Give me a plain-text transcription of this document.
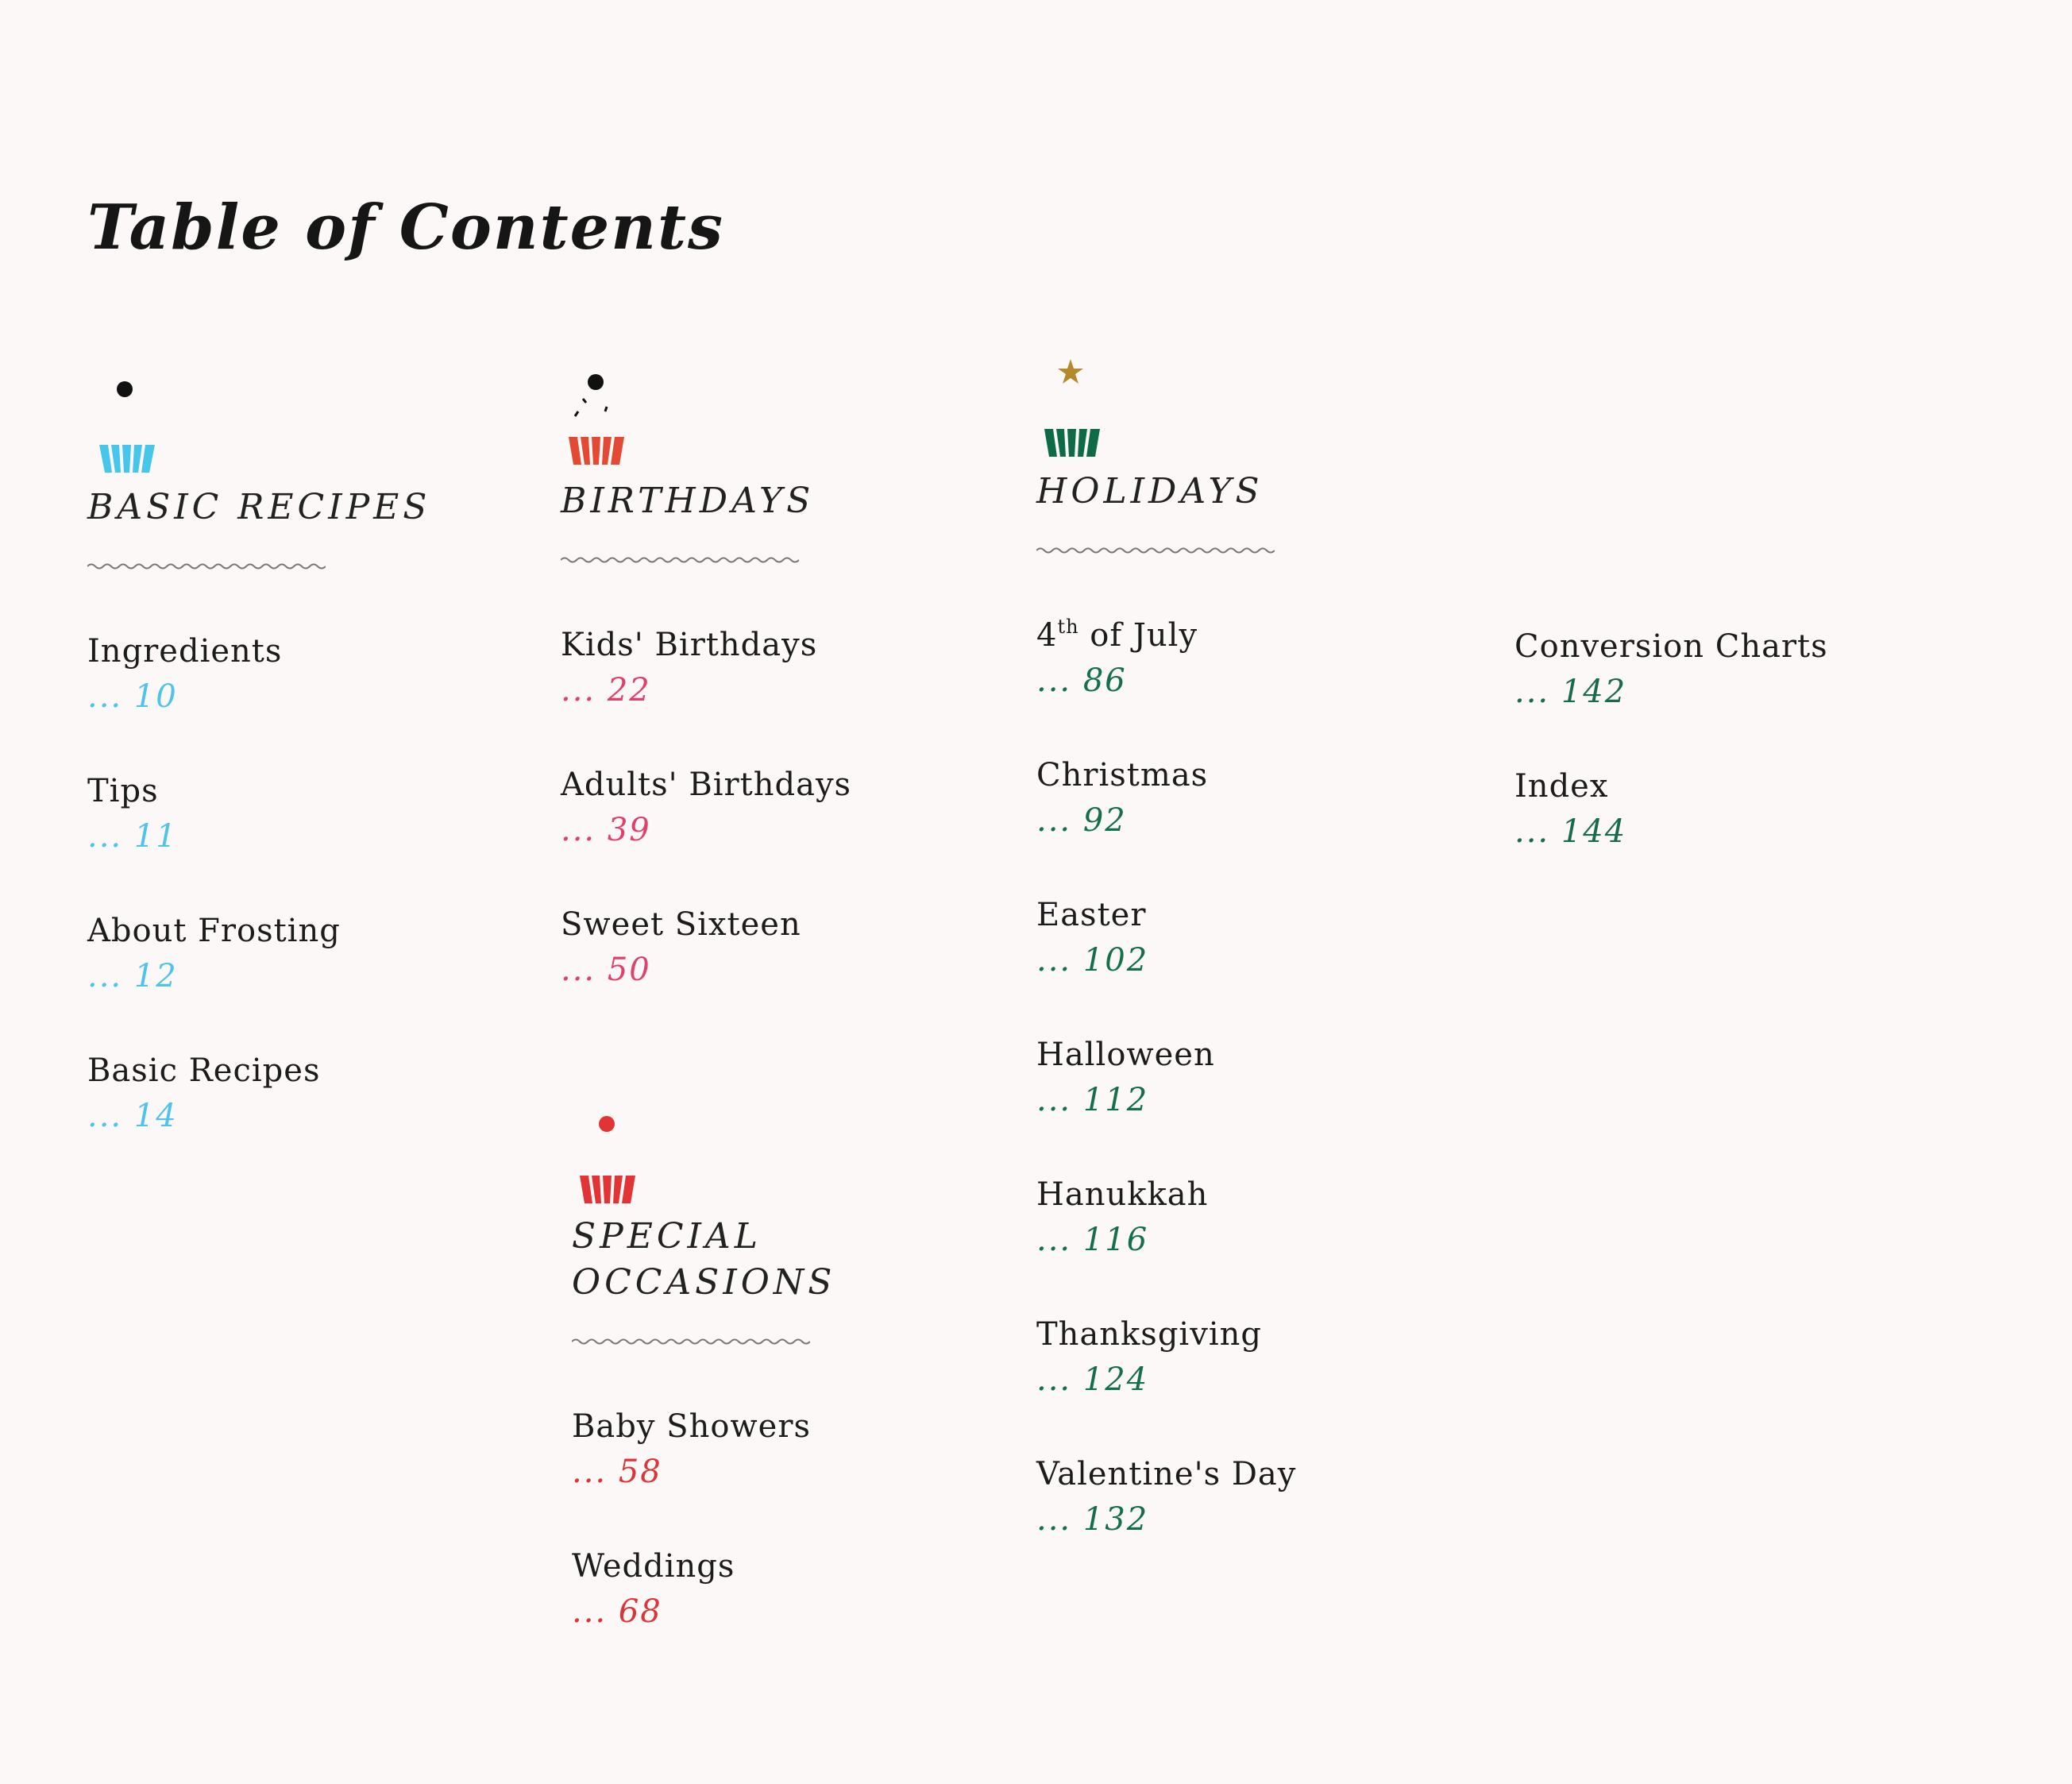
Table of Contents
BASIC RECIPES
Ingredients
... 10
Tips
... 11
About Frosting
... 12
Basic Recipes
... 14
BIRTHDAYS
Kids' Birthdays
... 22
Adults' Birthdays
... 39
Sweet Sixteen
... 50
SPECIAL
OCCASIONS
Baby Showers
... 58
Weddings
... 68
HOLIDAYS
4th of July
... 86
Christmas
... 92
Easter
... 102
Halloween
... 112
Hanukkah
... 116
Thanksgiving
... 124
Valentine's Day
... 132
Conversion Charts
... 142
Index
... 144
